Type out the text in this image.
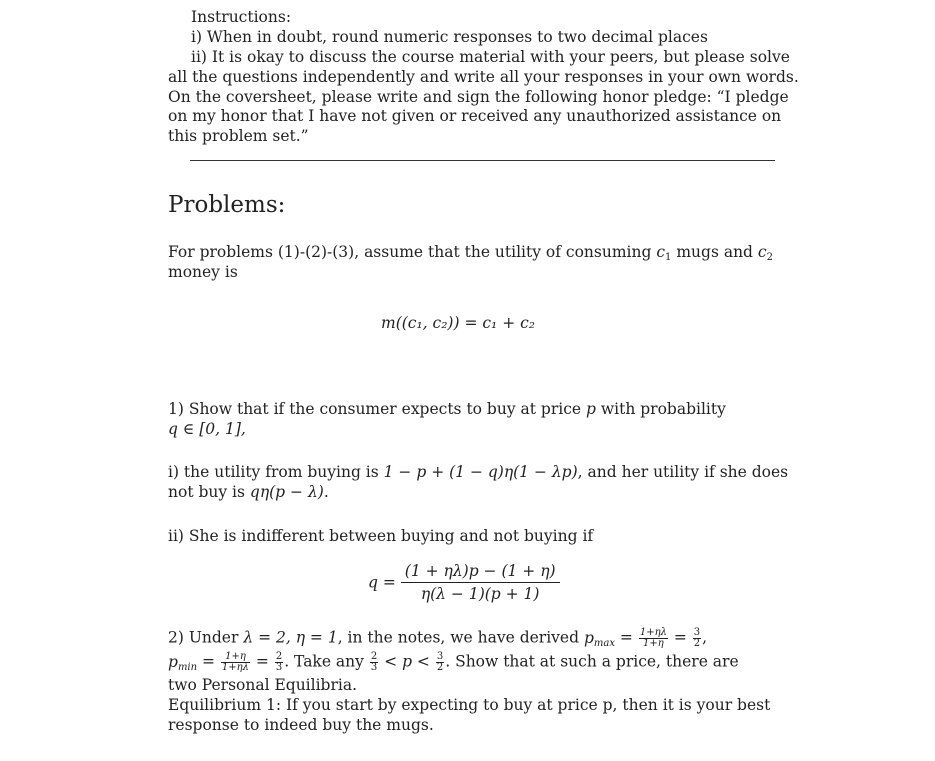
Instructions:
i) When in doubt, round numeric responses to two decimal places
ii) It is okay to discuss the course material with your peers, but please solve
all the questions independently and write all your responses in your own words.
On the coversheet, please write and sign the following honor pledge: “I pledge
on my honor that I have not given or received any unauthorized assistance on
this problem set.”
Problems:
For problems (1)-(2)-(3), assume that the utility of consuming $c_1$ mugs and $c_2$
money is
m((c₁, c₂)) = c₁ + c₂
1) Show that if the consumer expects to buy at price p with probability
q ∈ [0, 1],
i) the utility from buying is 1 − p + (1 − q)η(1 − λp), and her utility if she does
not buy is qη(p − λ).
ii) She is indifferent between buying and not buying if
$q = \frac{(1 + \eta\lambda)p - (1 + \eta)}{\eta(\lambda - 1)(p + 1)}$
2) Under λ = 2, η = 1, in the notes, we have derived $p_{max} = \frac{1+\eta\lambda}{1+\eta} = \frac{3}{2}$ ,
$p_{min} = \frac{1+\eta}{1+\eta\lambda} = \frac{2}{3}$ . Take any $\frac{2}{3} < p < \frac{3}{2}$ . Show that at such a price, there are
two Personal Equilibria.
Equilibrium 1: If you start by expecting to buy at price p, then it is your best
response to indeed buy the mugs.
